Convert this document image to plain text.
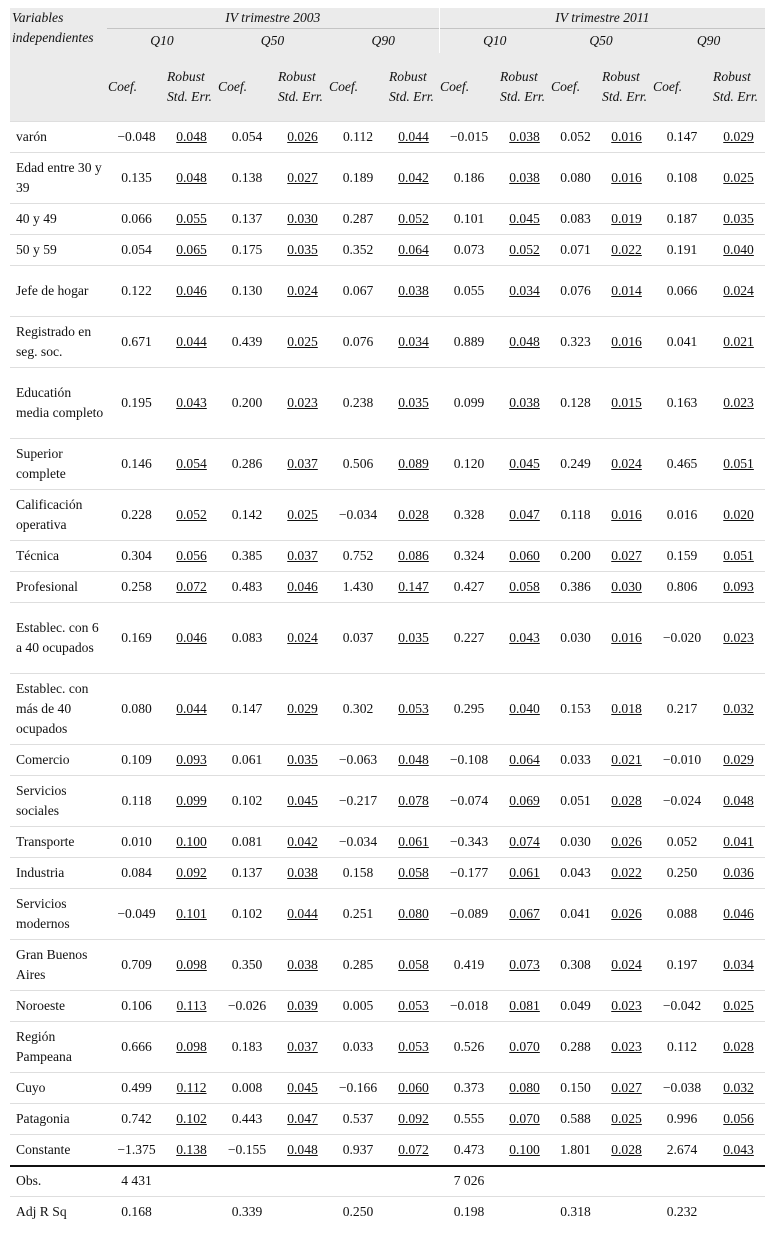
Variables independientes	IV trimestre 2003						IV trimestre 2011					
	Q10		Q50		Q90		Q10		Q50		Q90	
	Coef.	Robust Std. Err.	Coef.	Robust Std. Err.	Coef.	Robust Std. Err.	Coef.	Robust Std. Err.	Coef.	Robust Std. Err.	Coef.	Robust Std. Err.
varón	−0.048	0.048	0.054	0.026	0.112	0.044	−0.015	0.038	0.052	0.016	0.147	0.029
Edad entre 30 y 39	0.135	0.048	0.138	0.027	0.189	0.042	0.186	0.038	0.080	0.016	0.108	0.025
40 y 49	0.066	0.055	0.137	0.030	0.287	0.052	0.101	0.045	0.083	0.019	0.187	0.035
50 y 59	0.054	0.065	0.175	0.035	0.352	0.064	0.073	0.052	0.071	0.022	0.191	0.040
Jefe de hogar	0.122	0.046	0.130	0.024	0.067	0.038	0.055	0.034	0.076	0.014	0.066	0.024
Registrado en seg. soc.	0.671	0.044	0.439	0.025	0.076	0.034	0.889	0.048	0.323	0.016	0.041	0.021
Educatión media completo	0.195	0.043	0.200	0.023	0.238	0.035	0.099	0.038	0.128	0.015	0.163	0.023
Superior complete	0.146	0.054	0.286	0.037	0.506	0.089	0.120	0.045	0.249	0.024	0.465	0.051
Calificación operativa	0.228	0.052	0.142	0.025	−0.034	0.028	0.328	0.047	0.118	0.016	0.016	0.020
Técnica	0.304	0.056	0.385	0.037	0.752	0.086	0.324	0.060	0.200	0.027	0.159	0.051
Profesional	0.258	0.072	0.483	0.046	1.430	0.147	0.427	0.058	0.386	0.030	0.806	0.093
Establec. con 6 a 40 ocupados	0.169	0.046	0.083	0.024	0.037	0.035	0.227	0.043	0.030	0.016	−0.020	0.023
Establec. con más de 40 ocupados	0.080	0.044	0.147	0.029	0.302	0.053	0.295	0.040	0.153	0.018	0.217	0.032
Comercio	0.109	0.093	0.061	0.035	−0.063	0.048	−0.108	0.064	0.033	0.021	−0.010	0.029
Servicios sociales	0.118	0.099	0.102	0.045	−0.217	0.078	−0.074	0.069	0.051	0.028	−0.024	0.048
Transporte	0.010	0.100	0.081	0.042	−0.034	0.061	−0.343	0.074	0.030	0.026	0.052	0.041
Industria	0.084	0.092	0.137	0.038	0.158	0.058	−0.177	0.061	0.043	0.022	0.250	0.036
Servicios modernos	−0.049	0.101	0.102	0.044	0.251	0.080	−0.089	0.067	0.041	0.026	0.088	0.046
Gran Buenos Aires	0.709	0.098	0.350	0.038	0.285	0.058	0.419	0.073	0.308	0.024	0.197	0.034
Noroeste	0.106	0.113	−0.026	0.039	0.005	0.053	−0.018	0.081	0.049	0.023	−0.042	0.025
Región Pampeana	0.666	0.098	0.183	0.037	0.033	0.053	0.526	0.070	0.288	0.023	0.112	0.028
Cuyo	0.499	0.112	0.008	0.045	−0.166	0.060	0.373	0.080	0.150	0.027	−0.038	0.032
Patagonia	0.742	0.102	0.443	0.047	0.537	0.092	0.555	0.070	0.588	0.025	0.996	0.056
Constante	−1.375	0.138	−0.155	0.048	0.937	0.072	0.473	0.100	1.801	0.028	2.674	0.043
Obs.	4 431						7 026					
Adj R Sq	0.168		0.339		0.250		0.198		0.318		0.232	
